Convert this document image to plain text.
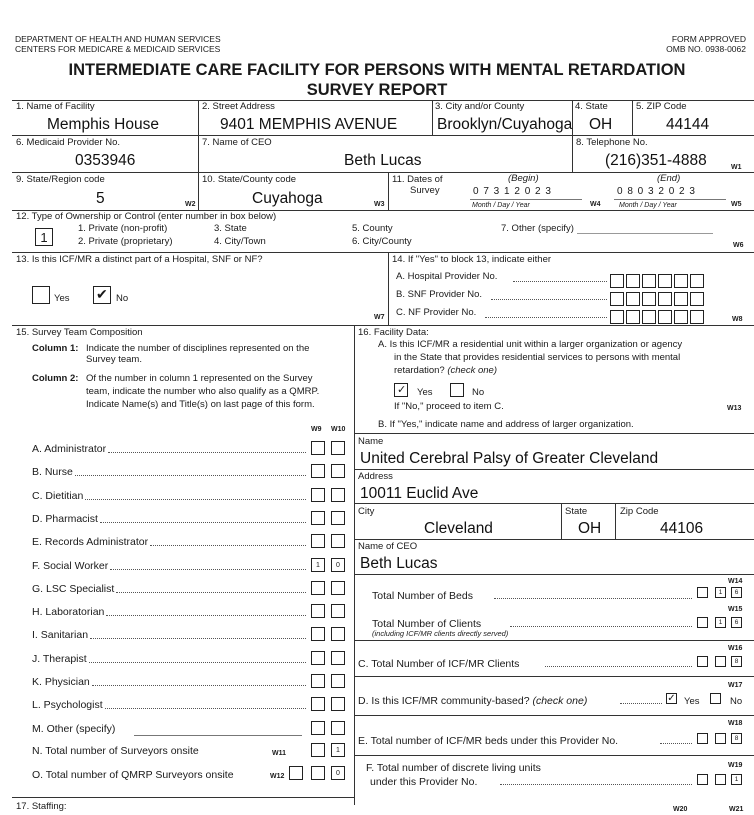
DEPARTMENT OF HEALTH AND HUMAN SERVICES
CENTERS FOR MEDICARE & MEDICAID SERVICES
FORM APPROVED
OMB NO. 0938-0062
INTERMEDIATE CARE FACILITY FOR PERSONS WITH MENTAL RETARDATION
SURVEY REPORT
1. Name of Facility
Memphis House
2. Street Address
9401 MEMPHIS AVENUE
3. City and/or County
Brooklyn/Cuyahoga
4. State
OH
5. ZIP Code
44144
6. Medicaid Provider No.
0353946
7. Name of CEO
Beth Lucas
8. Telephone No.
(216)351-4888	W1
9. State/Region code
5	W2
10. State/County code
Cuyahoga	W3
11. Dates of
Survey
(Begin)
0 7 3 1 2 0 2 3
Month / Day / Year	W4
(End)
0 8 0 3 2 0 2 3
Month / Day / Year	W5
12. Type of Ownership or Control (enter number in box below)
1
1. Private (non-profit)
2. Private (proprietary)
3. State
4. City/Town
5. County
6. City/County
7. Other (specify)
W6
13. Is this ICF/MR a distinct part of a Hospital, SNF or NF?
Yes ✔ No
W7
14. If "Yes" to block 13, indicate either
A. Hospital Provider No.
B. SNF Provider No.
C. NF Provider No.
W8
15. Survey Team Composition
Column 1: Indicate the number of disciplines represented on the
Survey team.
Column 2: Of the number in column 1 represented on the Survey
team, indicate the number who also qualify as a QMRP.
Indicate Name(s) and Title(s) on last page of this form.
W9 W10
A. Administrator
B. Nurse
C. Dietitian
D. Pharmacist
E. Records Administrator
F. Social Worker	1	0
G. LSC Specialist
H. Laboratorian
I. Sanitarian
J. Therapist
K. Physician
L. Psychologist
M. Other (specify)
N. Total number of Surveyors onsite	W11	1
O. Total number of QMRP Surveyors onsite	W12	0
16. Facility Data:
A. Is this ICF/MR a residential unit within a larger organization or agency
in the State that provides residential services to persons with mental
retardation? (check one)
✓ Yes	No
If "No," proceed to item C.	W13
B. If "Yes," indicate name and address of larger organization.
Name
United Cerebral Palsy of Greater Cleveland
Address
10011 Euclid Ave
City
Cleveland
State
OH
Zip Code
44106
Name of CEO
Beth Lucas
W14
Total Number of Beds	1	6
W15
Total Number of Clients
(including ICF/MR clients directly served)
1	6
W16
C. Total Number of ICF/MR Clients	8
W17
D. Is this ICF/MR community-based? (check one)	✓ Yes	No
W18
E. Total number of ICF/MR beds under this Provider No.	8
W19
F. Total number of discrete living units
under this Provider No.	1
17. Staffing:	W20	W21
